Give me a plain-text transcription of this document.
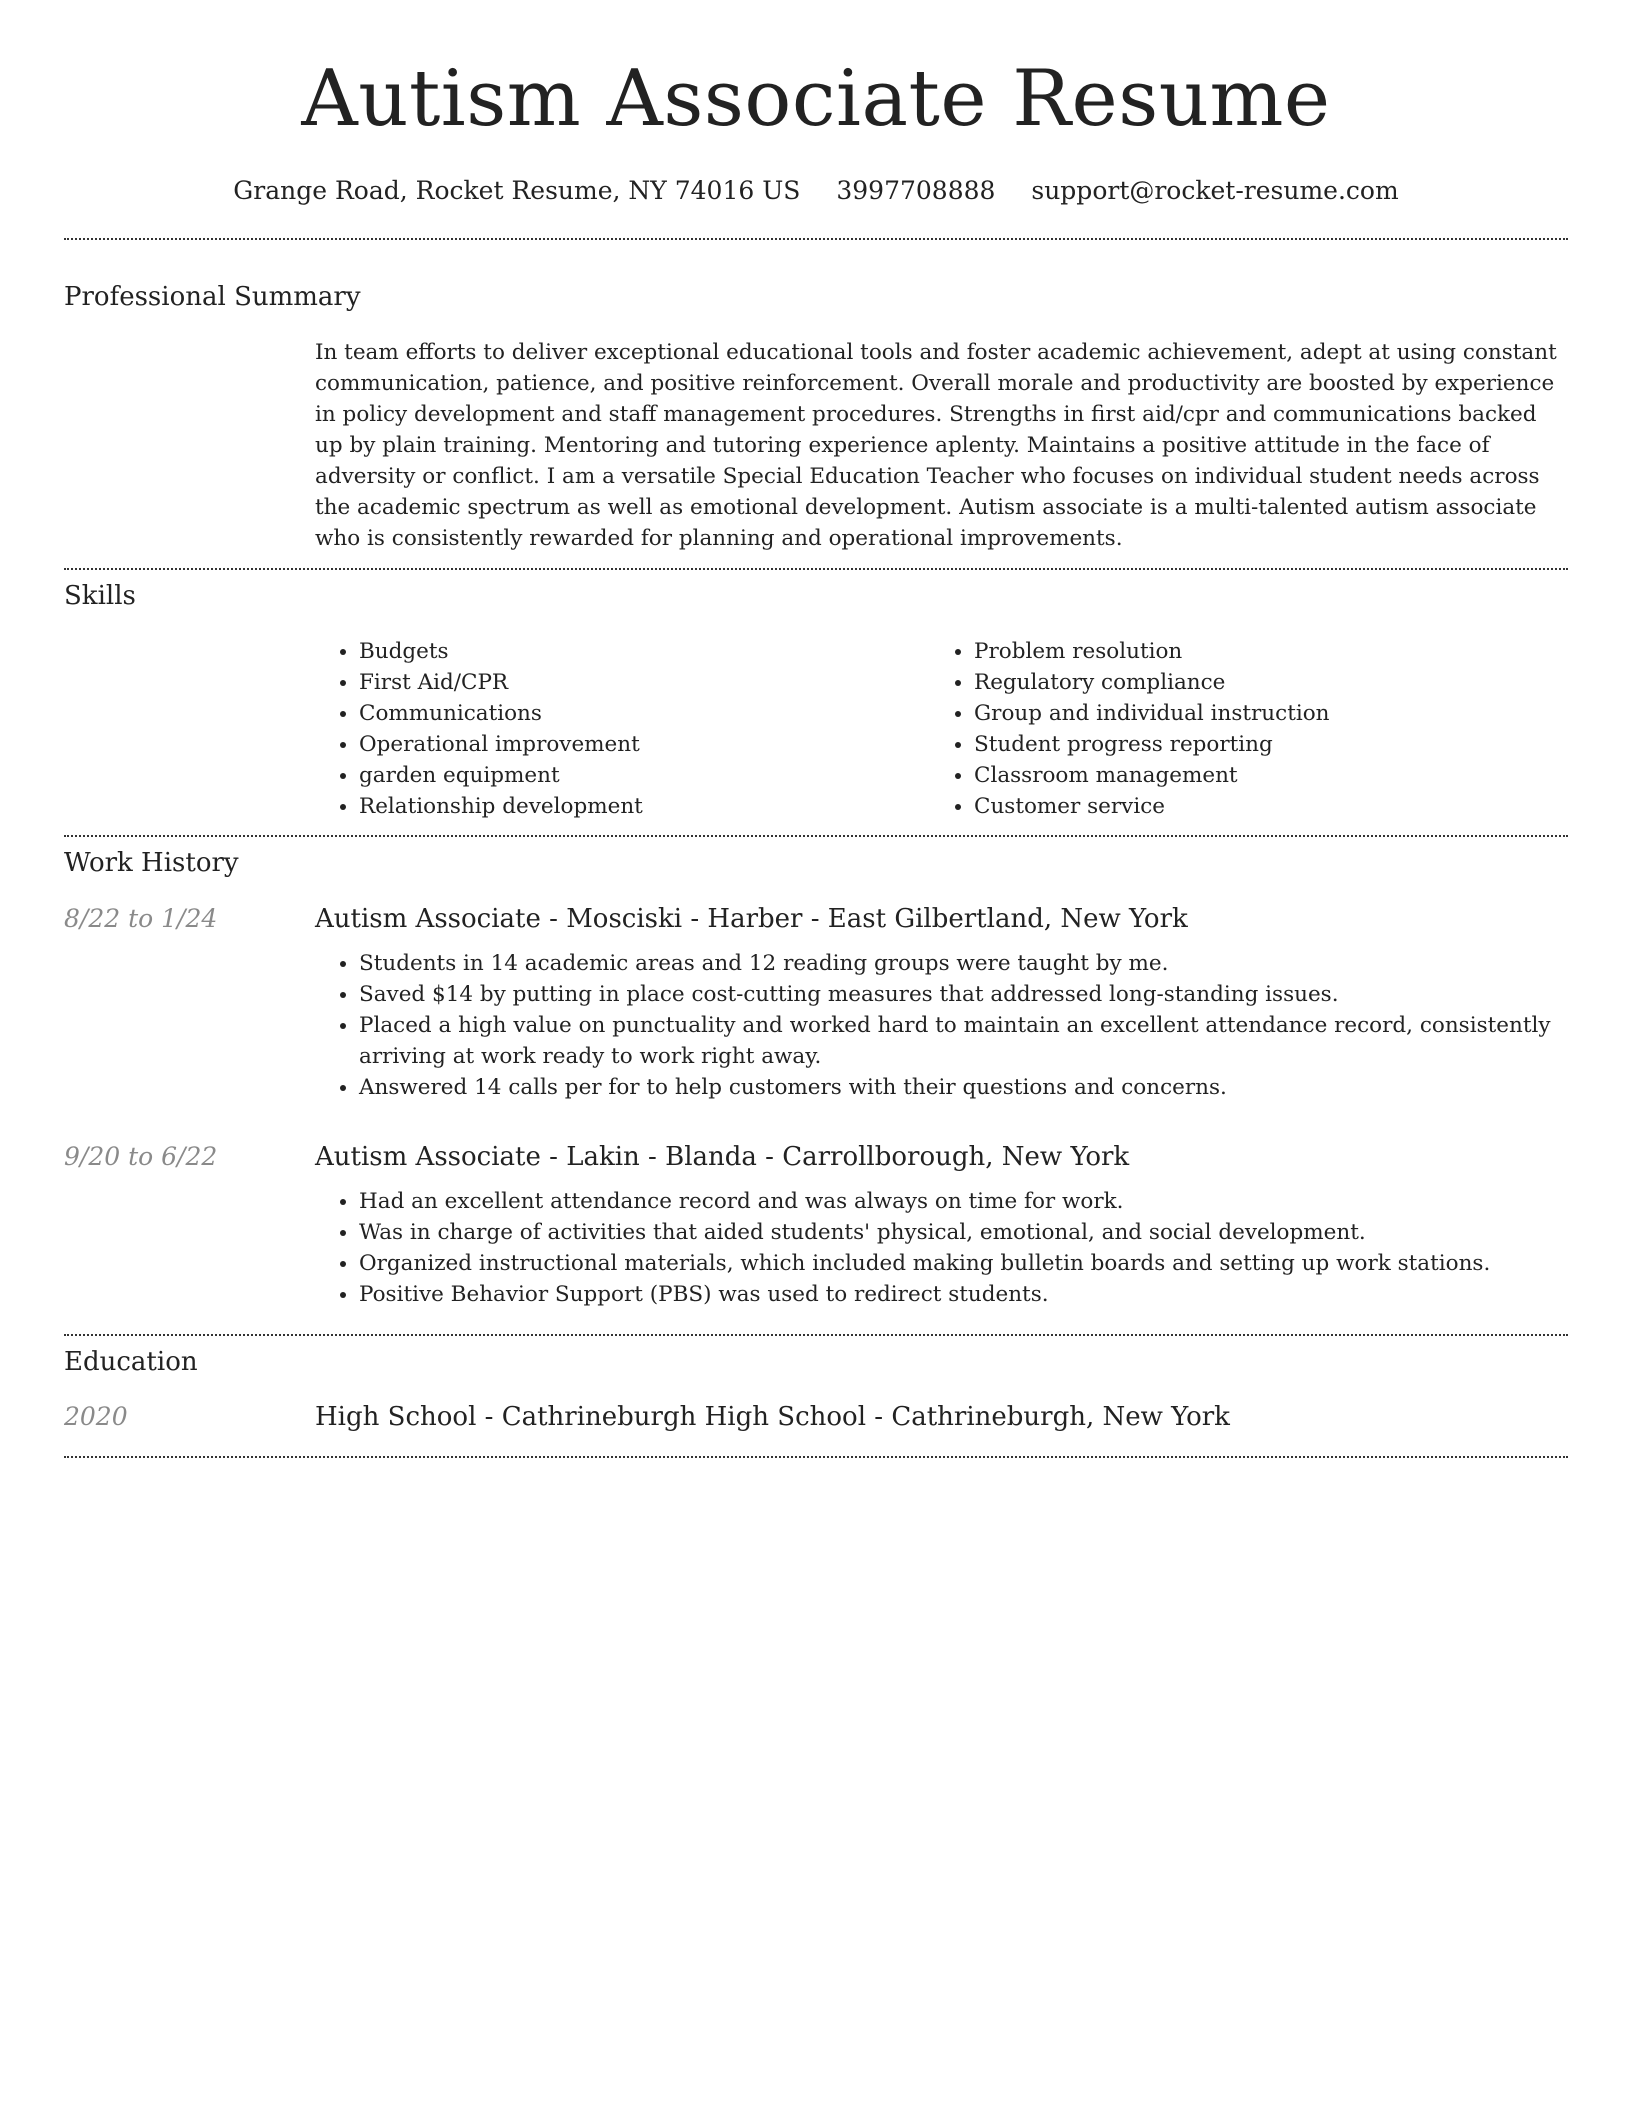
Autism Associate Resume
Grange Road, Rocket Resume, NY 74016 US 3997708888 support@rocket-resume.com
Professional Summary
In team efforts to deliver exceptional educational tools and foster academic achievement, adept at using constant communication, patience, and positive reinforcement. Overall morale and productivity are boosted by experience in policy development and staff management procedures. Strengths in first aid/cpr and communications backed up by plain training. Mentoring and tutoring experience aplenty. Maintains a positive attitude in the face of adversity or conflict. I am a versatile Special Education Teacher who focuses on individual student needs across the academic spectrum as well as emotional development. Autism associate is a multi-talented autism associate who is consistently rewarded for planning and operational improvements.
Skills
• Budgets
• First Aid/CPR
• Communications
• Operational improvement
• garden equipment
• Relationship development
• Problem resolution
• Regulatory compliance
• Group and individual instruction
• Student progress reporting
• Classroom management
• Customer service
Work History
8/22 to 1/24	Autism Associate - Mosciski - Harber - East Gilbertland, New York
• Students in 14 academic areas and 12 reading groups were taught by me.
• Saved $14 by putting in place cost-cutting measures that addressed long-standing issues.
• Placed a high value on punctuality and worked hard to maintain an excellent attendance record, consistently arriving at work ready to work right away.
• Answered 14 calls per for to help customers with their questions and concerns.
9/20 to 6/22	Autism Associate - Lakin - Blanda - Carrollborough, New York
• Had an excellent attendance record and was always on time for work.
• Was in charge of activities that aided students' physical, emotional, and social development.
• Organized instructional materials, which included making bulletin boards and setting up work stations.
• Positive Behavior Support (PBS) was used to redirect students.
Education
2020	High School - Cathrineburgh High School - Cathrineburgh, New York
